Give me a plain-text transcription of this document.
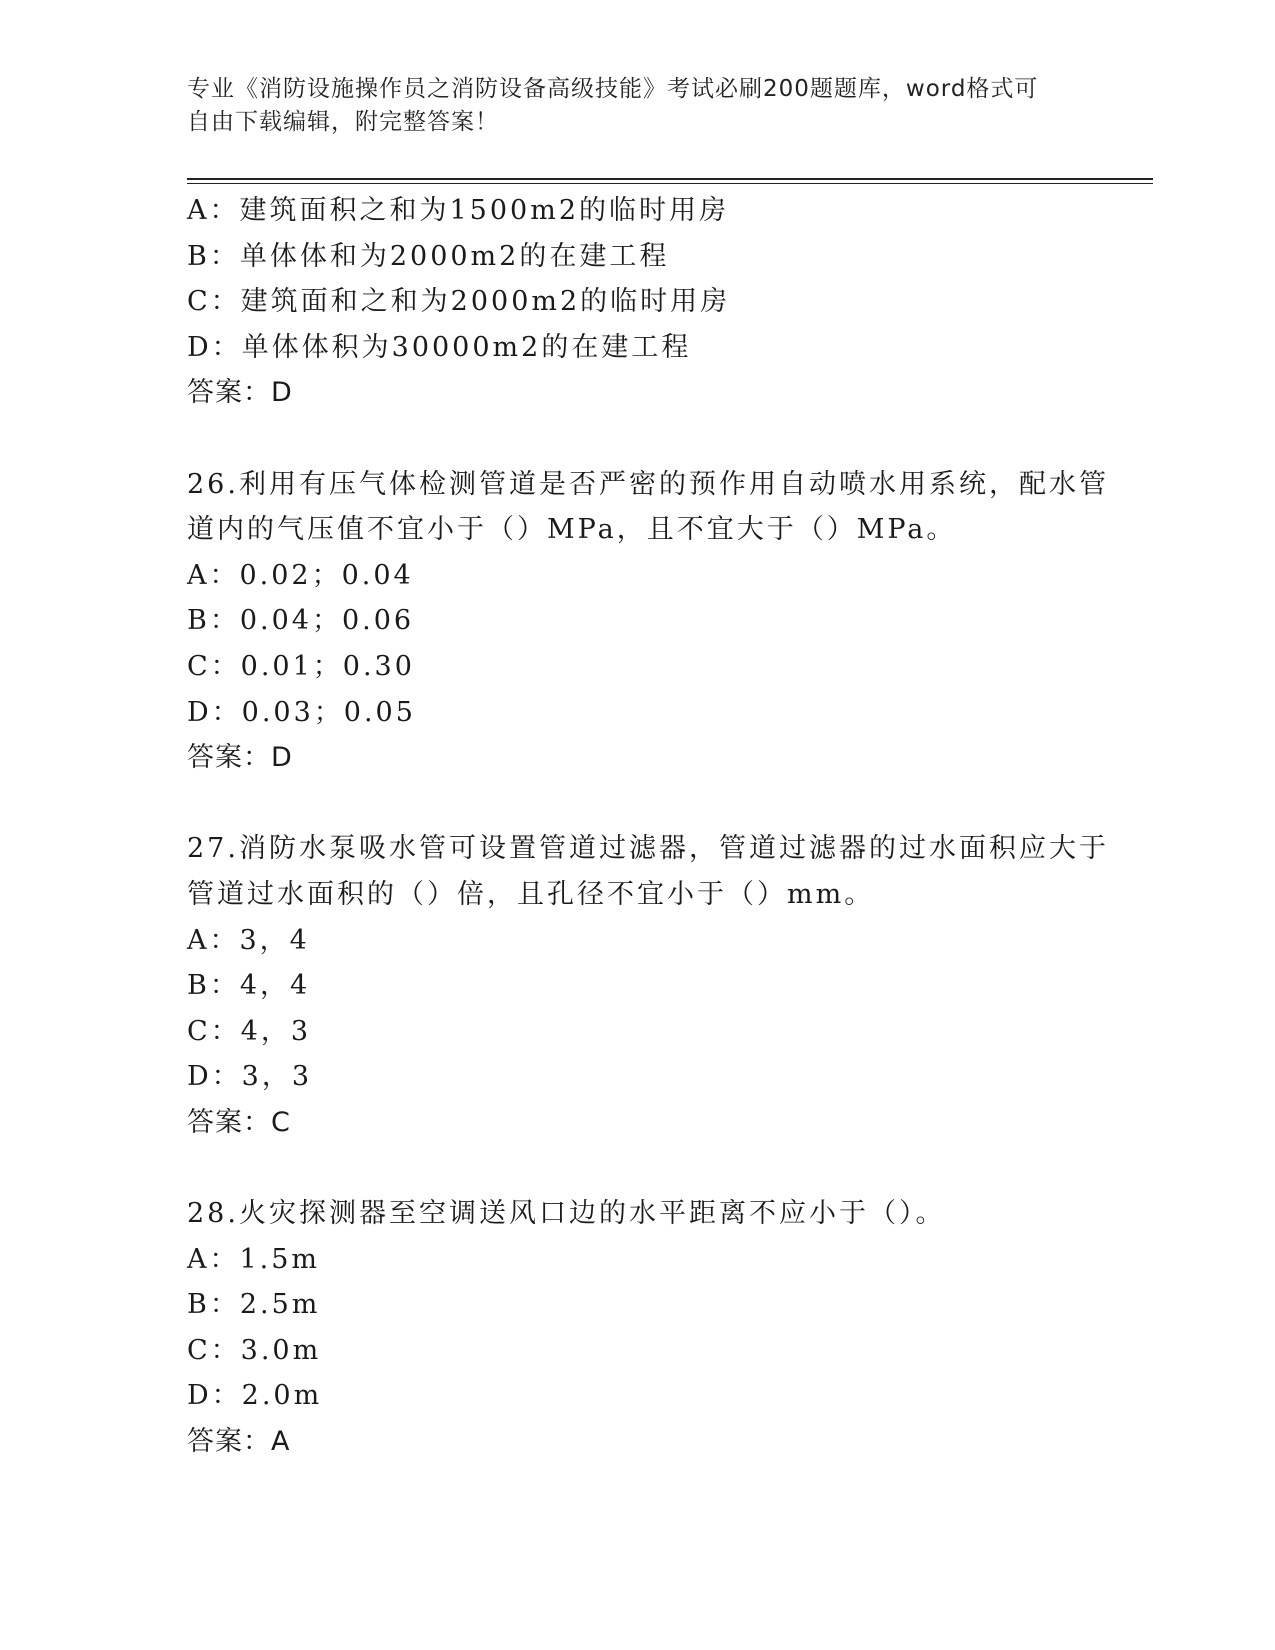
专业《消防设施操作员之消防设备高级技能》考试必刷200题题库，word格式可
自由下载编辑，附完整答案！
A：建筑面积之和为1500m2的临时用房
B：单体体和为2000m2的在建工程
C：建筑面和之和为2000m2的临时用房
D：单体体积为30000m2的在建工程
答案：D
26.利用有压气体检测管道是否严密的预作用自动喷水用系统，配水管
道内的气压值不宜小于（）MPa，且不宜大于（）MPa。
A：0.02；0.04
B：0.04；0.06
C：0.01；0.30
D：0.03；0.05
答案：D
27.消防水泵吸水管可设置管道过滤器，管道过滤器的过水面积应大于
管道过水面积的（）倍，且孔径不宜小于（）mm。
A：3，4
B：4，4
C：4，3
D：3，3
答案：C
28.火灾探测器至空调送风口边的水平距离不应小于（）。
A：1.5m
B：2.5m
C：3.0m
D：2.0m
答案：A
